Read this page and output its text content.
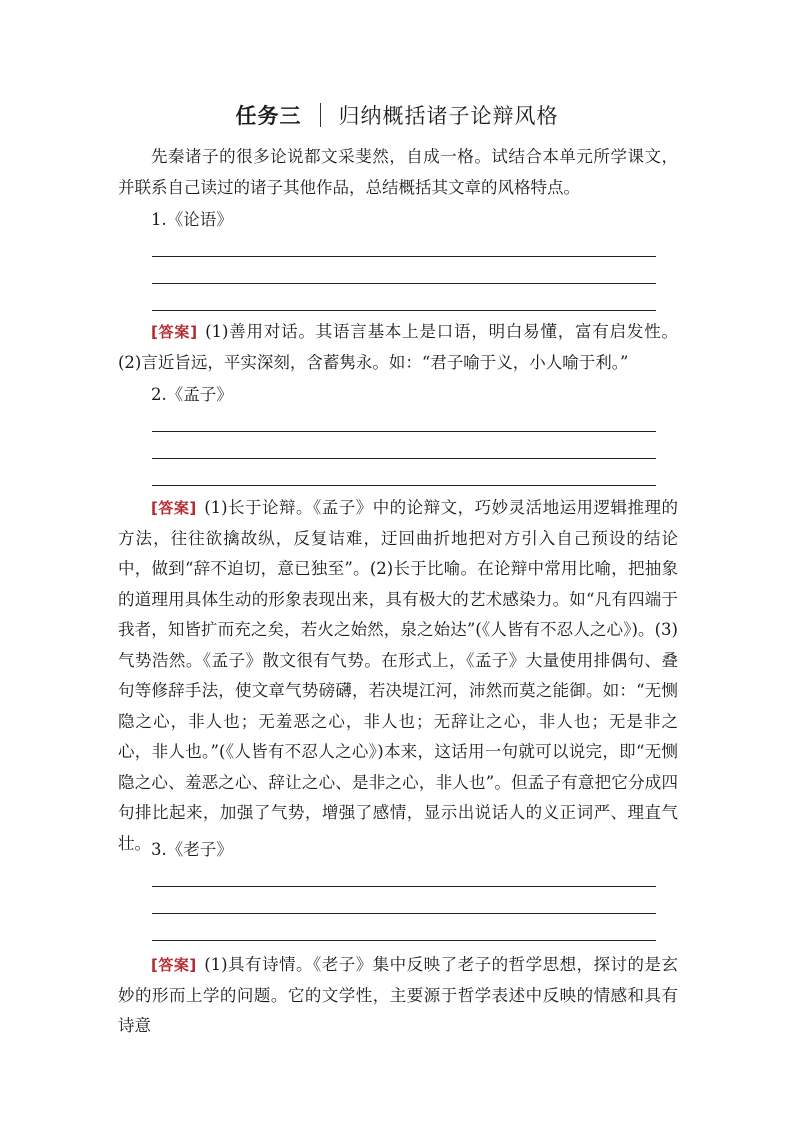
任务三 归纳概括诸子论辩风格

先秦诸子的很多论说都文采斐然，自成一格。试结合本单元所学课文，并联系自己读过的诸子其他作品，总结概括其文章的风格特点。

1.《论语》

[答案] (1)善用对话。其语言基本上是口语，明白易懂，富有启发性。(2)言近旨远，平实深刻，含蓄隽永。如：“君子喻于义，小人喻于利。”

2.《孟子》

[答案] (1)长于论辩。《孟子》中的论辩文，巧妙灵活地运用逻辑推理的方法，往往欲擒故纵，反复诘难，迂回曲折地把对方引入自己预设的结论中，做到“辞不迫切，意已独至”。(2)长于比喻。在论辩中常用比喻，把抽象的道理用具体生动的形象表现出来，具有极大的艺术感染力。如“凡有四端于我者，知皆扩而充之矣，若火之始然，泉之始达”(《人皆有不忍人之心》)。(3)气势浩然。《孟子》散文很有气势。在形式上，《孟子》大量使用排偶句、叠句等修辞手法，使文章气势磅礴，若决堤江河，沛然而莫之能御。如：“无恻隐之心，非人也；无羞恶之心，非人也；无辞让之心，非人也；无是非之心，非人也。”(《人皆有不忍人之心》)本来，这话用一句就可以说完，即“无恻隐之心、羞恶之心、辞让之心、是非之心，非人也”。但孟子有意把它分成四句排比起来，加强了气势，增强了感情，显示出说话人的义正词严、理直气壮。 3.《老子》

[答案] (1)具有诗情。《老子》集中反映了老子的哲学思想，探讨的是玄妙的形而上学的问题。它的文学性，主要源于哲学表述中反映的情感和具有诗意
